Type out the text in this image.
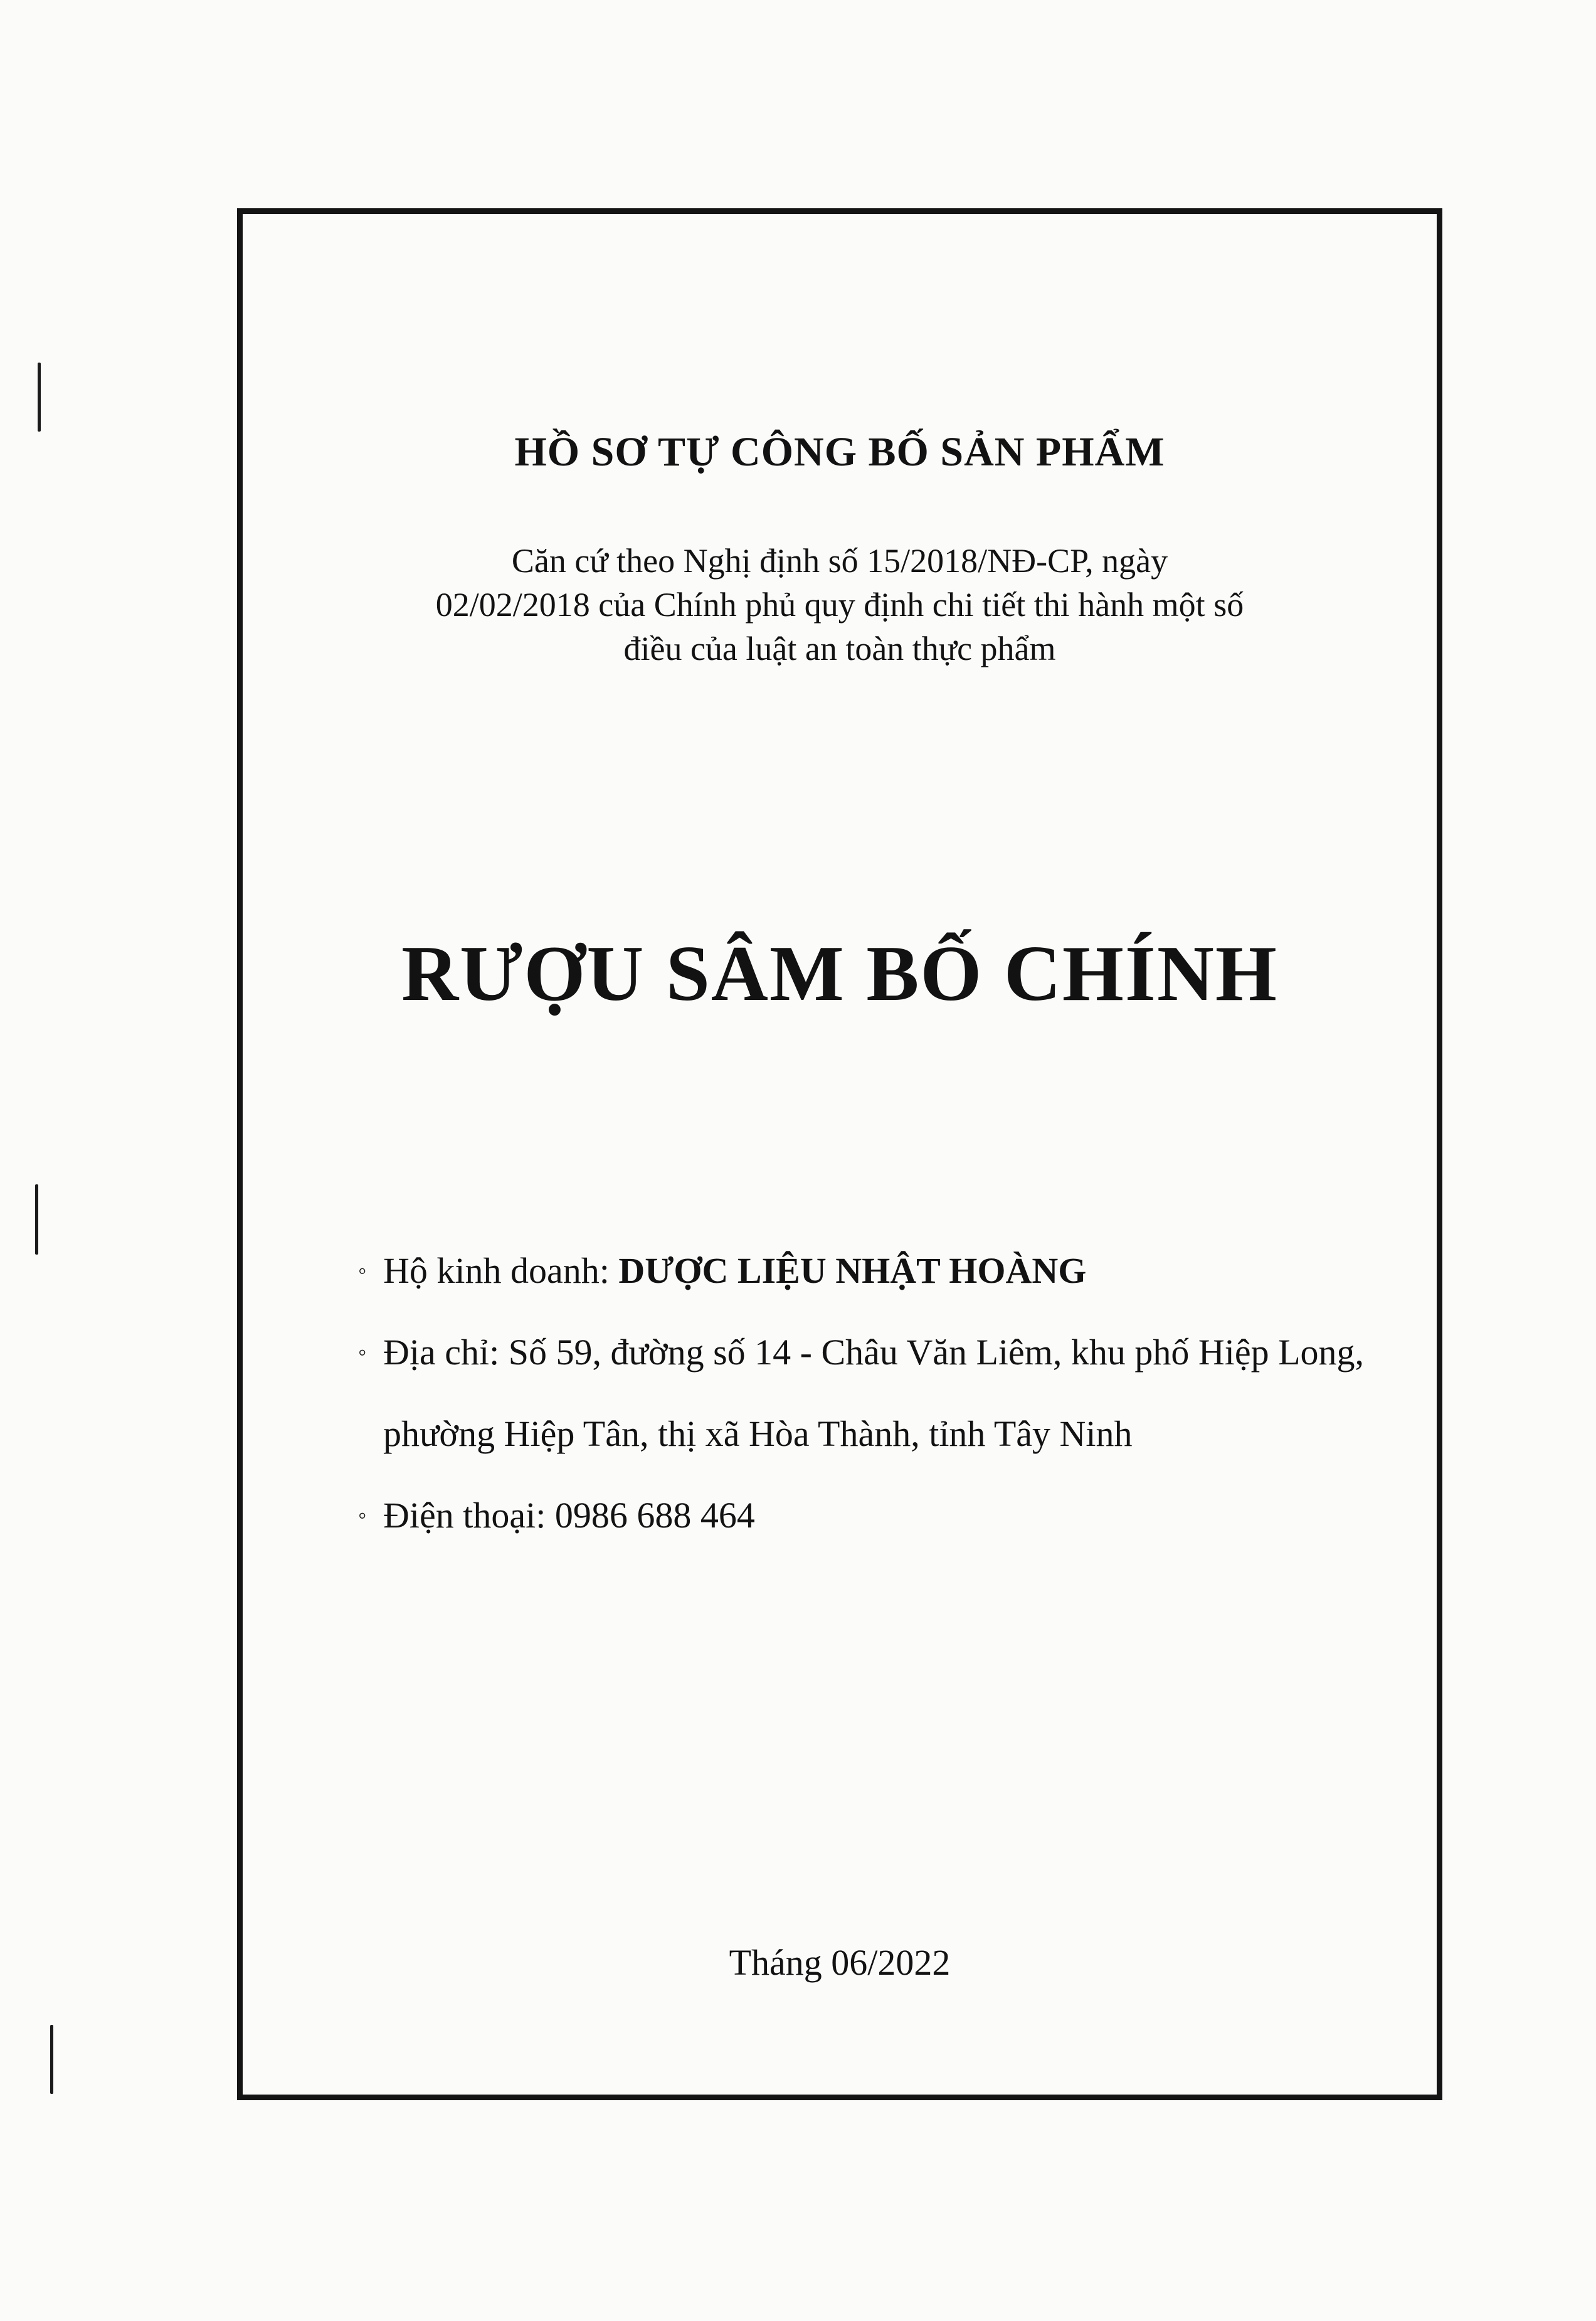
HỒ SƠ TỰ CÔNG BỐ SẢN PHẨM
Căn cứ theo Nghị định số 15/2018/NĐ-CP, ngày
02/02/2018 của Chính phủ quy định chi tiết thi hành một số
điều của luật an toàn thực phẩm
RƯỢU SÂM BỐ CHÍNH
◦ Hộ kinh doanh: DƯỢC LIỆU NHẬT HOÀNG
◦ Địa chỉ: Số 59, đường số 14 - Châu Văn Liêm, khu phố Hiệp Long,
phường Hiệp Tân, thị xã Hòa Thành, tỉnh Tây Ninh
◦ Điện thoại: 0986 688 464
Tháng 06/2022
